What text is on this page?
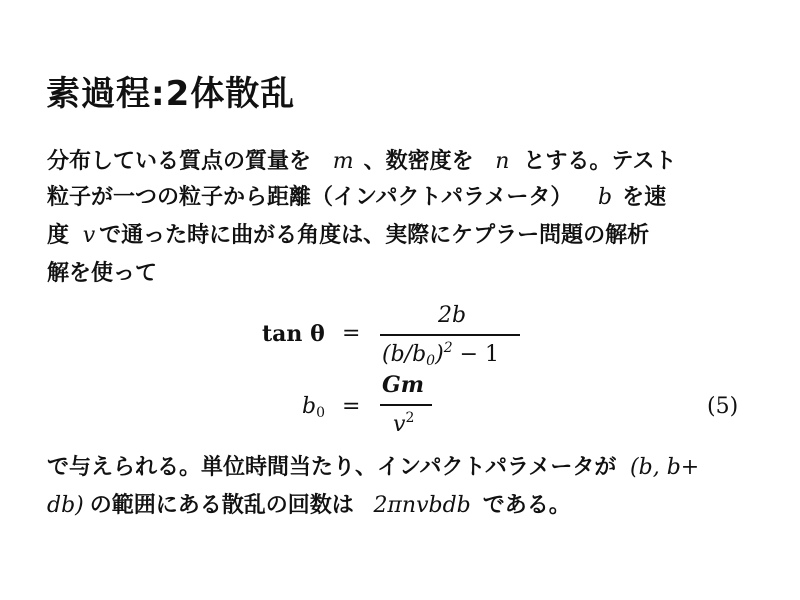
素過程:2体散乱
分布している質点の質量を m 、数密度を n とする。テスト
粒子が一つの粒子から距離（インパクトパラメータ） b を速
度 v で通った時に曲がる角度は、実際にケプラー問題の解析
解を使って
tan θ =
2b
$(b/b_0)^2 - 1$
$b_0$ =
Gm
$v^2$	(5)
で与えられる。単位時間当たり、インパクトパラメータが (b, b+
db) の範囲にある散乱の回数は 2πnvbdb である。
